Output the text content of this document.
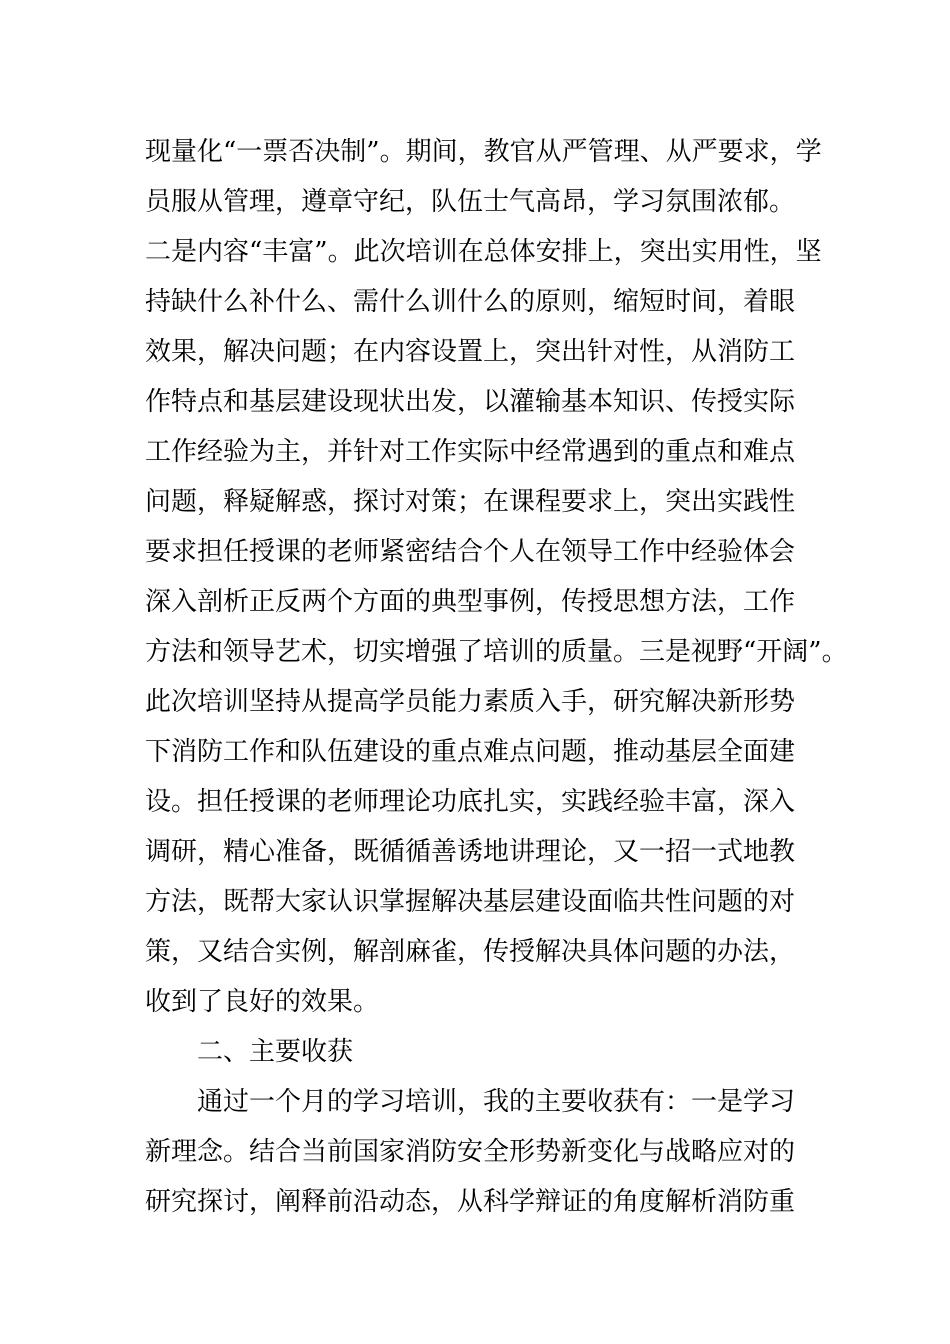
现量化“一票否决制”。期间，教官从严管理、从严要求，学
员服从管理，遵章守纪，队伍士气高昂，学习氛围浓郁。
二是内容“丰富”。此次培训在总体安排上，突出实用性，坚
持缺什么补什么、需什么训什么的原则，缩短时间，着眼
效果，解决问题；在内容设置上，突出针对性，从消防工
作特点和基层建设现状出发，以灌输基本知识、传授实际
工作经验为主，并针对工作实际中经常遇到的重点和难点
问题，释疑解惑，探讨对策；在课程要求上，突出实践性
要求担任授课的老师紧密结合个人在领导工作中经验体会
深入剖析正反两个方面的典型事例，传授思想方法，工作
方法和领导艺术，切实增强了培训的质量。三是视野“开阔”。
此次培训坚持从提高学员能力素质入手，研究解决新形势
下消防工作和队伍建设的重点难点问题，推动基层全面建
设。担任授课的老师理论功底扎实，实践经验丰富，深入
调研，精心准备，既循循善诱地讲理论，又一招一式地教
方法，既帮大家认识掌握解决基层建设面临共性问题的对
策，又结合实例，解剖麻雀，传授解决具体问题的办法，
收到了良好的效果。
二、主要收获
通过一个月的学习培训，我的主要收获有：一是学习
新理念。结合当前国家消防安全形势新变化与战略应对的
研究探讨，阐释前沿动态，从科学辩证的角度解析消防重
